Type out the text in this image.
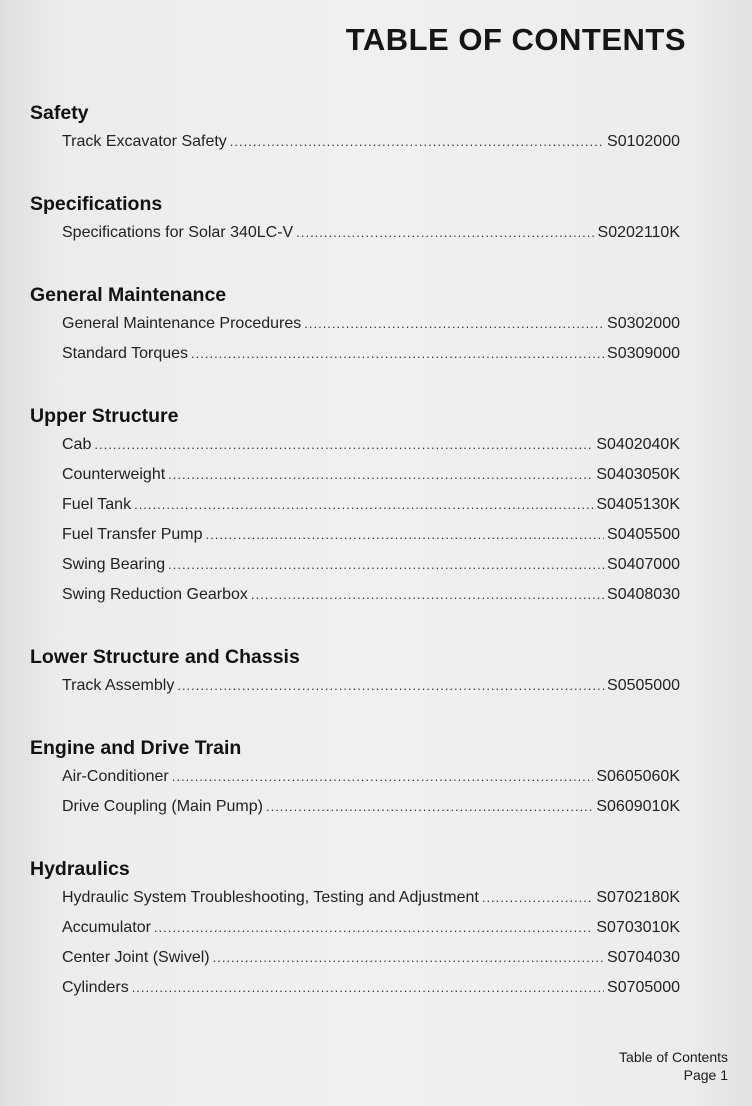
TABLE OF CONTENTS
Safety
Track Excavator Safety .....	S0102000
Specifications
Specifications for Solar 340LC-V .....	S0202110K
General Maintenance
General Maintenance Procedures .....	S0302000
Standard Torques .....	S0309000
Upper Structure
Cab .....	S0402040K
Counterweight .....	S0403050K
Fuel Tank .....	S0405130K
Fuel Transfer Pump .....	S0405500
Swing Bearing .....	S0407000
Swing Reduction Gearbox .....	S0408030
Lower Structure and Chassis
Track Assembly .....	S0505000
Engine and Drive Train
Air-Conditioner .....	S0605060K
Drive Coupling (Main Pump) .....	S0609010K
Hydraulics
Hydraulic System Troubleshooting, Testing and Adjustment .....	S0702180K
Accumulator .....	S0703010K
Center Joint (Swivel) .....	S0704030
Cylinders .....	S0705000
Table of Contents
Page 1
